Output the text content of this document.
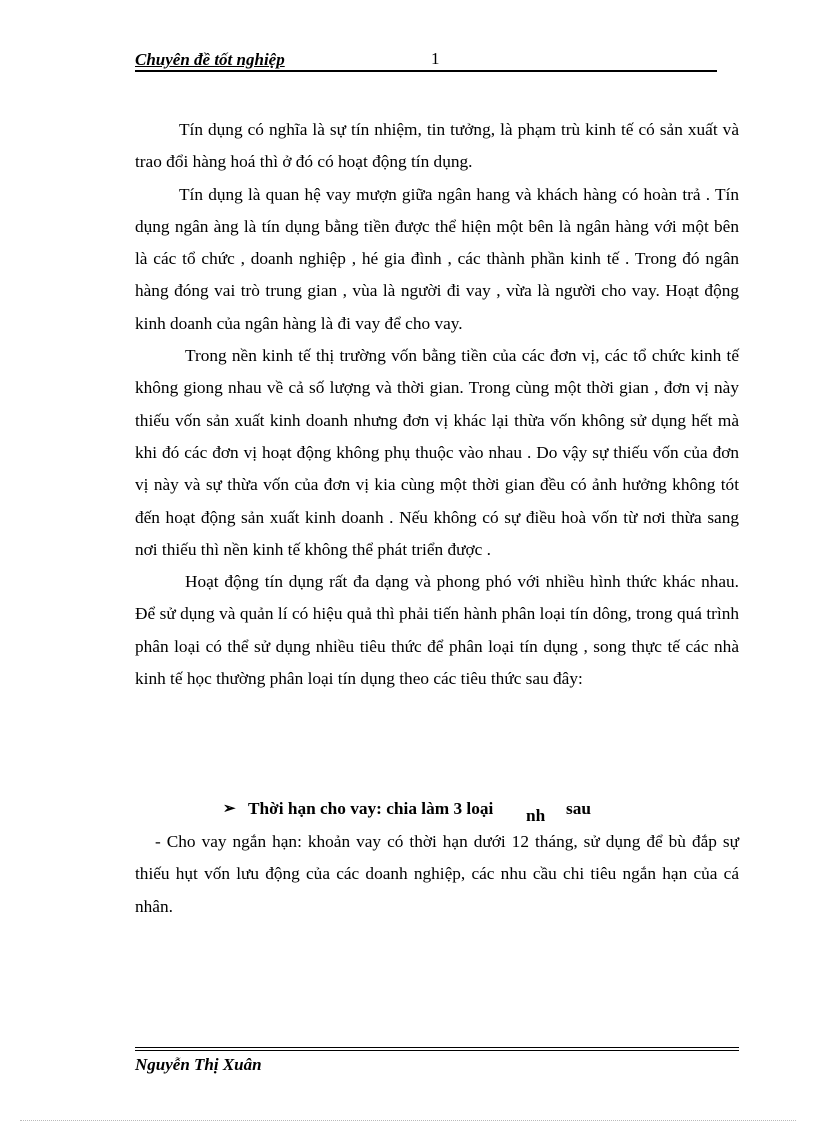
Chuyên đề tốt nghiệp	1

Tín dụng có nghĩa là sự tín nhiệm, tin tưởng, là phạm trù kinh tế có sản xuất và trao đổi hàng hoá thì ở đó có hoạt động tín dụng.

Tín dụng là quan hệ vay mượn giữa ngân hang và khách hàng có hoàn trả . Tín dụng ngân àng là tín dụng bằng tiền được thể hiện một bên là ngân hàng với một bên là các tổ chức , doanh nghiệp , hé gia đình , các thành phần kinh tế . Trong đó ngân hàng đóng vai trò trung gian , vùa là người đi vay , vừa là người cho vay. Hoạt động kinh doanh của ngân hàng là đi vay để cho vay.

Trong nền kinh tế thị trường vốn bằng tiền của các đơn vị, các tổ chức kinh tế không giong nhau về cả số lượng và thời gian. Trong cùng một thời gian , đơn vị này thiếu vốn sản xuất kinh doanh nhưng đơn vị khác lại thừa vốn không sử dụng hết mà khi đó các đơn vị hoạt động không phụ thuộc vào nhau . Do vậy sự thiếu vốn của đơn vị này và sự thừa vốn của đơn vị kia cùng một thời gian đều có ảnh hưởng không tót đến hoạt động sản xuất kinh doanh . Nếu không có sự điều hoà vốn từ nơi thừa sang nơi thiếu thì nền kinh tế không thể phát triển được .

Hoạt động tín dụng rất đa dạng và phong phó với nhiều hình thức khác nhau. Để sử dụng và quản lí có hiệu quả thì phải tiến hành phân loại tín dông, trong quá trình phân loại có thể sử dụng nhiều tiêu thức để phân loại tín dụng , song thực tế các nhà kinh tế học thường phân loại tín dụng theo các tiêu thức sau đây:

➢ Thời hạn cho vay: chia làm 3 loại nh sau

- Cho vay ngắn hạn: khoản vay có thời hạn dưới 12 tháng, sử dụng để bù đắp sự thiếu hụt vốn lưu động của các doanh nghiệp, các nhu cầu chi tiêu ngắn hạn của cá nhân.

Nguyễn Thị Xuân
